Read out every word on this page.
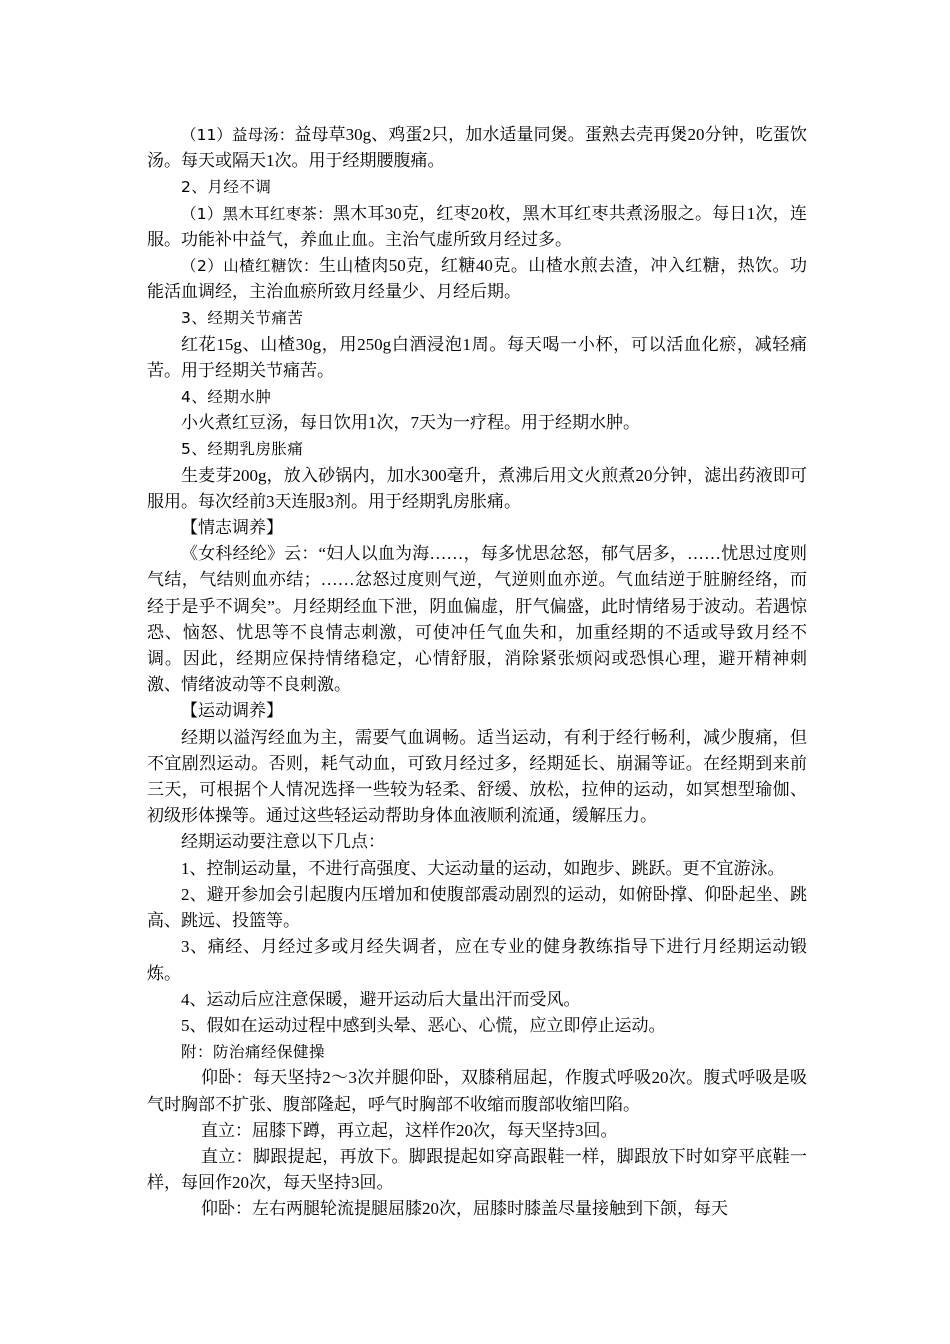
（11）益母汤：益母草30g、鸡蛋2只，加水适量同煲。蛋熟去壳再煲20分钟，吃蛋饮汤。每天或隔天1次。用于经期腰腹痛。

2、月经不调

（1）黑木耳红枣茶：黑木耳30克，红枣20枚，黑木耳红枣共煮汤服之。每日1次，连服。功能补中益气，养血止血。主治气虚所致月经过多。

（2）山楂红糖饮：生山楂肉50克，红糖40克。山楂水煎去渣，冲入红糖，热饮。功能活血调经，主治血瘀所致月经量少、月经后期。

3、经期关节痛苦

红花15g、山楂30g，用250g白酒浸泡1周。每天喝一小杯，可以活血化瘀，减轻痛苦。用于经期关节痛苦。

4、经期水肿

小火煮红豆汤，每日饮用1次，7天为一疗程。用于经期水肿。

5、经期乳房胀痛

生麦芽200g，放入砂锅内，加水300毫升，煮沸后用文火煎煮20分钟，滤出药液即可服用。每次经前3天连服3剂。用于经期乳房胀痛。

【情志调养】

《女科经纶》云：“妇人以血为海……，每多忧思忿怒，郁气居多，……忧思过度则气结，气结则血亦结；……忿怒过度则气逆，气逆则血亦逆。气血结逆于脏腑经络，而经于是乎不调矣”。月经期经血下泄，阴血偏虚，肝气偏盛，此时情绪易于波动。若遇惊恐、恼怒、忧思等不良情志刺激，可使冲任气血失和，加重经期的不适或导致月经不调。因此，经期应保持情绪稳定，心情舒服，消除紧张烦闷或恐惧心理，避开精神刺激、情绪波动等不良刺激。

【运动调养】

经期以溢泻经血为主，需要气血调畅。适当运动，有利于经行畅利，减少腹痛，但不宜剧烈运动。否则，耗气动血，可致月经过多，经期延长、崩漏等证。在经期到来前三天，可根据个人情况选择一些较为轻柔、舒缓、放松，拉伸的运动，如冥想型瑜伽、初级形体操等。通过这些轻运动帮助身体血液顺利流通，缓解压力。

经期运动要注意以下几点：

1、控制运动量，不进行高强度、大运动量的运动，如跑步、跳跃。更不宜游泳。

2、避开参加会引起腹内压增加和使腹部震动剧烈的运动，如俯卧撑、仰卧起坐、跳高、跳远、投篮等。

3、痛经、月经过多或月经失调者，应在专业的健身教练指导下进行月经期运动锻炼。

4、运动后应注意保暖，避开运动后大量出汗而受风。

5、假如在运动过程中感到头晕、恶心、心慌，应立即停止运动。

附：防治痛经保健操

仰卧：每天坚持2～3次并腿仰卧，双膝稍屈起，作腹式呼吸20次。腹式呼吸是吸气时胸部不扩张、腹部隆起，呼气时胸部不收缩而腹部收缩凹陷。

直立：屈膝下蹲，再立起，这样作20次，每天坚持3回。

直立：脚跟提起，再放下。脚跟提起如穿高跟鞋一样，脚跟放下时如穿平底鞋一样，每回作20次，每天坚持3回。

仰卧：左右两腿轮流提腿屈膝20次，屈膝时膝盖尽量接触到下颌，每天
